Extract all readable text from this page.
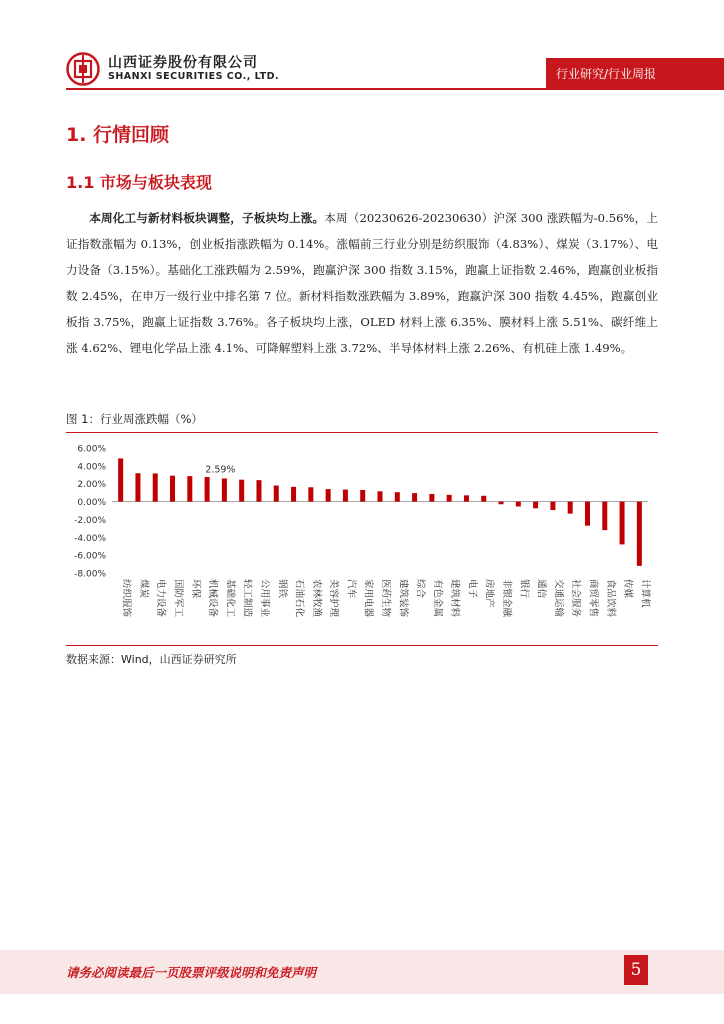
山西证券股份有限公司
SHANXI SECURITIES CO., LTD.	行业研究/行业周报
1. 行情回顾
1.1 市场与板块表现
本周化工与新材料板块调整，子板块均上涨。本周（20230626-20230630）沪深 300 涨跌幅为-0.56%，上证指数涨幅为 0.13%，创业板指涨跌幅为 0.14%。涨幅前三行业分别是纺织服饰（4.83%）、煤炭（3.17%）、电力设备（3.15%）。基础化工涨跌幅为 2.59%，跑赢沪深 300 指数 3.15%，跑赢上证指数 2.46%，跑赢创业板指数 2.45%，在申万一级行业中排名第 7 位。新材料指数涨跌幅为 3.89%，跑赢沪深 300 指数 4.45%，跑赢创业板指 3.75%，跑赢上证指数 3.76%。各子板块均上涨，OLED 材料上涨 6.35%、膜材料上涨 5.51%、碳纤维上涨 4.62%、锂电化学品上涨 4.1%、可降解塑料上涨 3.72%、半导体材料上涨 2.26%、有机硅上涨 1.49%。
图 1：行业周涨跌幅（%）
6.00%
4.00%
2.00%
0.00%
-2.00%
-4.00%
-6.00%
-8.00%
纺织服饰 煤炭 电力设备 国防军工 环保 机械设备 基础化工
2.59%
轻工制造 公用事业 钢铁 石油石化 农林牧渔 美容护理 汽车 家用电器 医药生物 建筑装饰 综合 有色金属 建筑材料 电子 房地产 非银金融 银行 通信 交通运输 社会服务 商贸零售 食品饮料 传媒 计算机
数据来源：Wind，山西证券研究所
请务必阅读最后一页股票评级说明和免责声明	5
